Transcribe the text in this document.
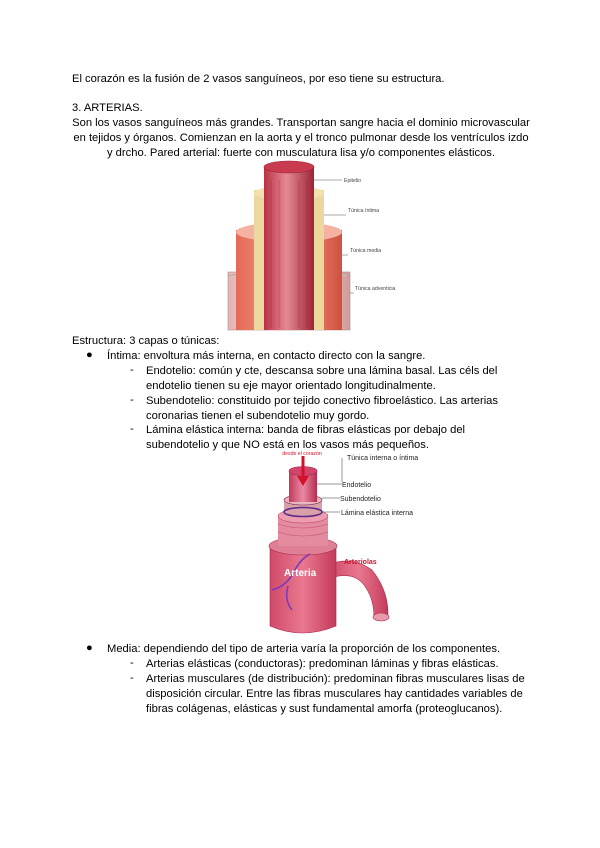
El corazón es la fusión de 2 vasos sanguíneos, por eso tiene su estructura.
3. ARTERIAS.
Son los vasos sanguíneos más grandes. Transportan sangre hacia el dominio microvascular en tejidos y órganos. Comienzan en la aorta y el tronco pulmonar desde los ventrículos izdo y drcho. Pared arterial: fuerte con musculatura lisa y/o componentes elásticos.
Epitelio
Túnica íntima
Túnica media
Túnica adventicia
Estructura: 3 capas o túnicas:
● Íntima: envoltura más interna, en contacto directo con la sangre.
- Endotelio: común y cte, descansa sobre una lámina basal. Las céls del endotelio tienen su eje mayor orientado longitudinalmente.
- Subendotelio: constituido por tejido conectivo fibroelástico. Las arterias coronarias tienen el subendotelio muy gordo.
- Lámina elástica interna: banda de fibras elásticas por debajo del subendotelio y que NO está en los vasos más pequeños.
desde el corazón
Túnica interna o íntima
Endotelio
Subendotelio
Lámina elástica interna
Arteria
Arteriolas
● Media: dependiendo del tipo de arteria varía la proporción de los componentes.
- Arterias elásticas (conductoras): predominan láminas y fibras elásticas.
- Arterias musculares (de distribución): predominan fibras musculares lisas de disposición circular. Entre las fibras musculares hay cantidades variables de fibras colágenas, elásticas y sust fundamental amorfa (proteoglucanos).
